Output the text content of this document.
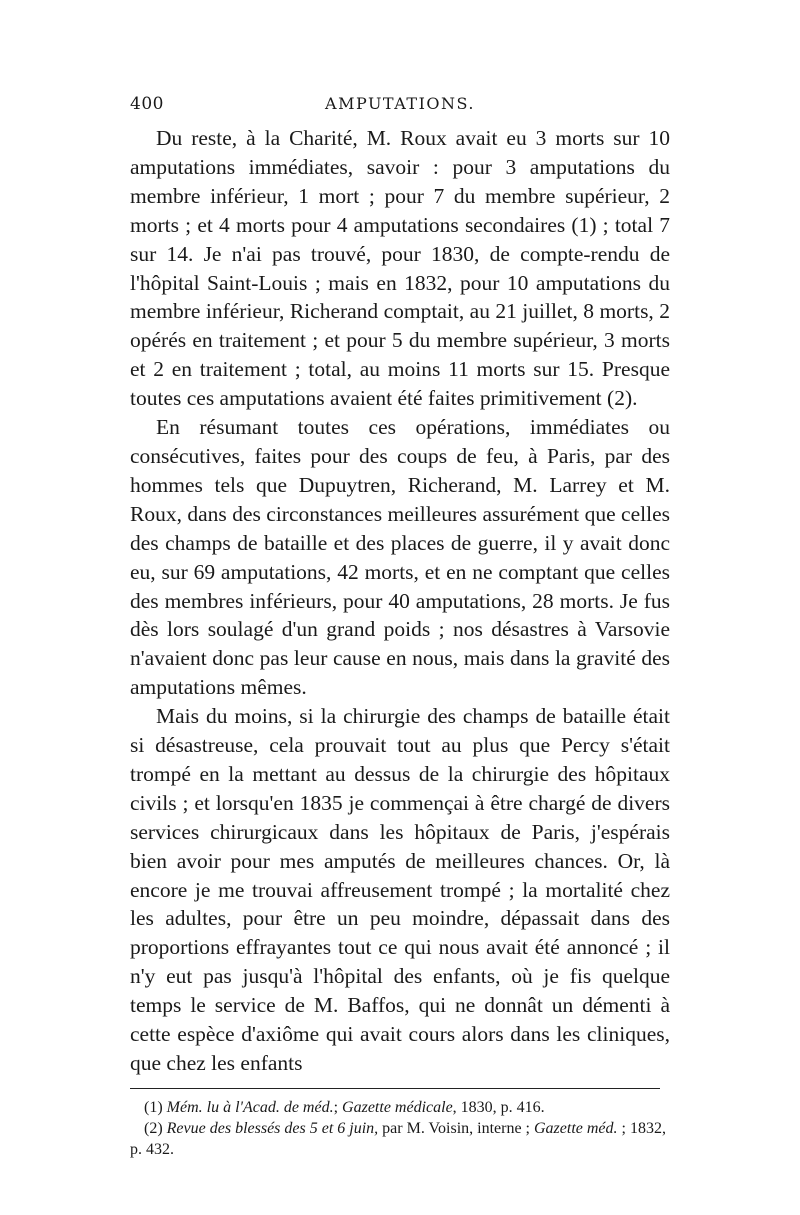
400	AMPUTATIONS.

Du reste, à la Charité, M. Roux avait eu 3 morts sur 10 amputations immédiates, savoir : pour 3 amputations du membre inférieur, 1 mort ; pour 7 du membre supérieur, 2 morts ; et 4 morts pour 4 amputations secondaires (1) ; total 7 sur 14. Je n'ai pas trouvé, pour 1830, de compte-rendu de l'hôpital Saint-Louis ; mais en 1832, pour 10 amputations du membre inférieur, Richerand comptait, au 21 juillet, 8 morts, 2 opérés en traitement ; et pour 5 du membre supérieur, 3 morts et 2 en traitement ; total, au moins 11 morts sur 15. Presque toutes ces amputations avaient été faites primitivement (2).

En résumant toutes ces opérations, immédiates ou consécutives, faites pour des coups de feu, à Paris, par des hommes tels que Dupuytren, Richerand, M. Larrey et M. Roux, dans des circonstances meilleures assurément que celles des champs de bataille et des places de guerre, il y avait donc eu, sur 69 amputations, 42 morts, et en ne comptant que celles des membres inférieurs, pour 40 amputations, 28 morts. Je fus dès lors soulagé d'un grand poids ; nos désastres à Varsovie n'avaient donc pas leur cause en nous, mais dans la gravité des amputations mêmes.

Mais du moins, si la chirurgie des champs de bataille était si désastreuse, cela prouvait tout au plus que Percy s'était trompé en la mettant au dessus de la chirurgie des hôpitaux civils ; et lorsqu'en 1835 je commençai à être chargé de divers services chirurgicaux dans les hôpitaux de Paris, j'espérais bien avoir pour mes amputés de meilleures chances. Or, là encore je me trouvai affreusement trompé ; la mortalité chez les adultes, pour être un peu moindre, dépassait dans des proportions effrayantes tout ce qui nous avait été annoncé ; il n'y eut pas jusqu'à l'hôpital des enfants, où je fis quelque temps le service de M. Baffos, qui ne donnât un démenti à cette espèce d'axiôme qui avait cours alors dans les cliniques, que chez les enfants

(1) Mém. lu à l'Acad. de méd.; Gazette médicale, 1830, p. 416.

(2) Revue des blessés des 5 et 6 juin, par M. Voisin, interne ; Gazette méd. ; 1832, p. 432.
